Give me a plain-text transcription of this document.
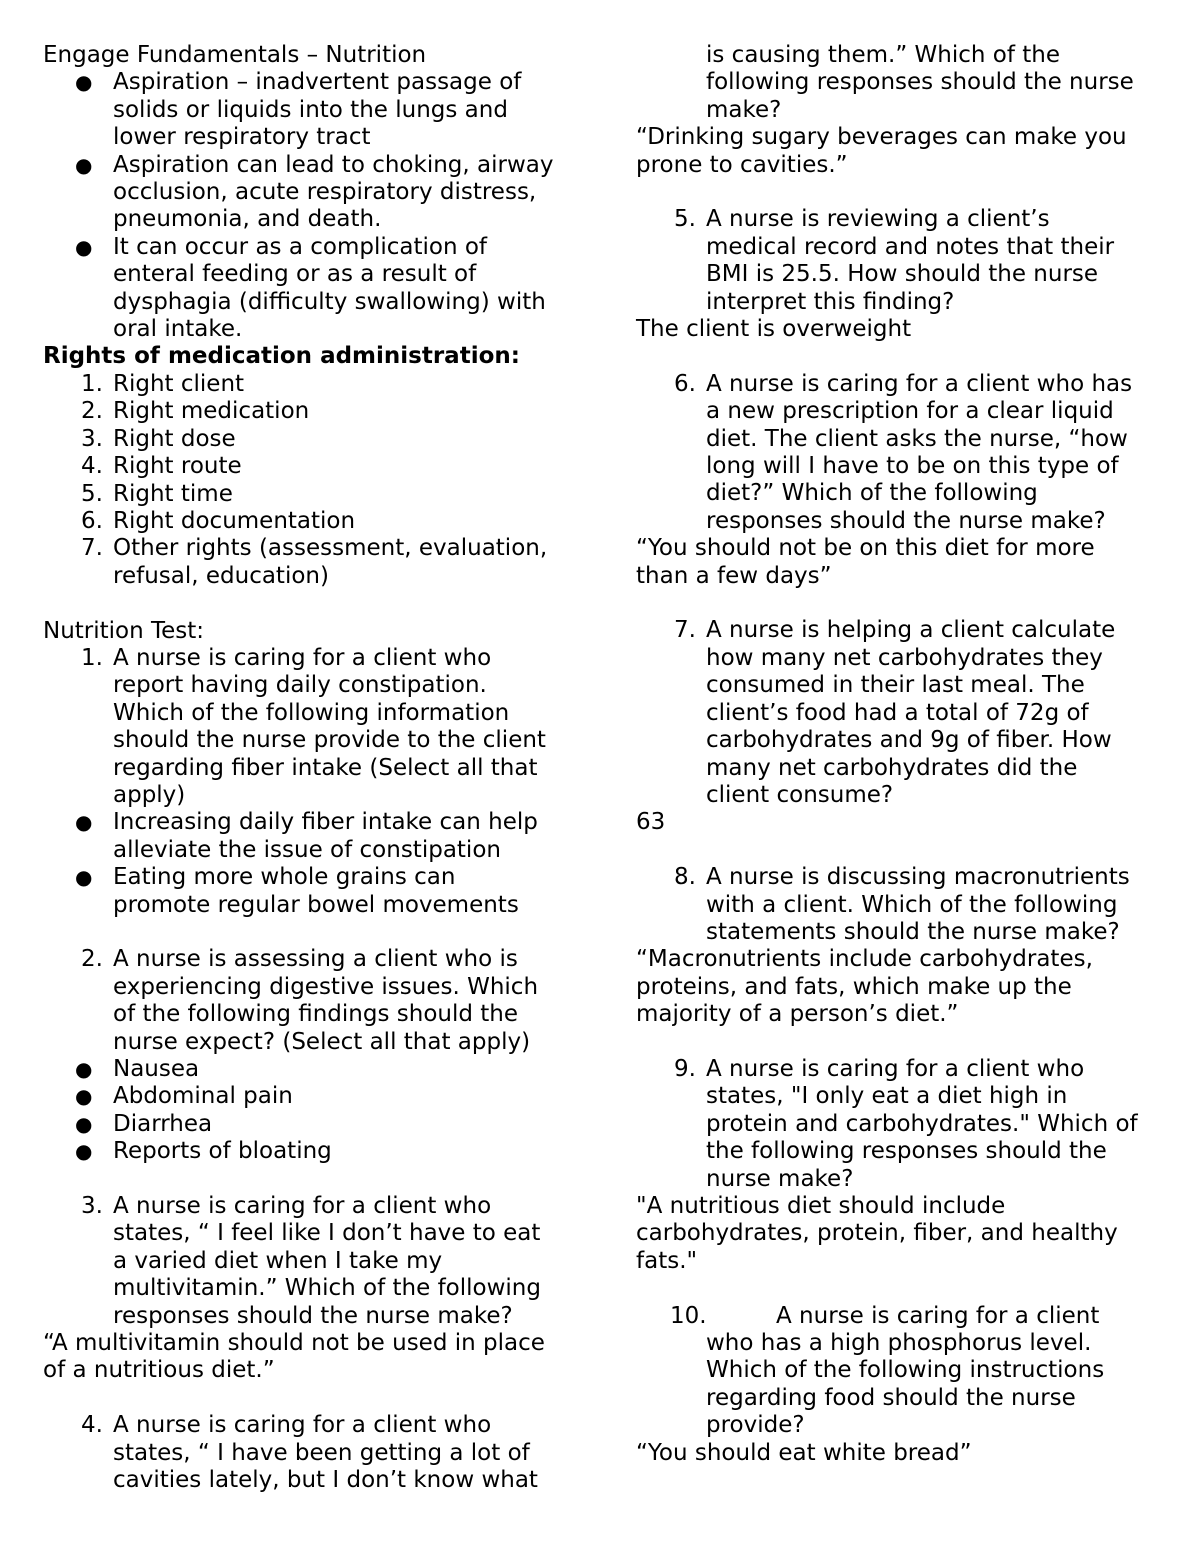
Engage Fundamentals – Nutrition
● Aspiration – inadvertent passage of
solids or liquids into the lungs and
lower respiratory tract
● Aspiration can lead to choking, airway
occlusion, acute respiratory distress,
pneumonia, and death.
● It can occur as a complication of
enteral feeding or as a result of
dysphagia (difficulty swallowing) with
oral intake.
Rights of medication administration:
1. Right client
2. Right medication
3. Right dose
4. Right route
5. Right time
6. Right documentation
7. Other rights (assessment, evaluation,
refusal, education)
Nutrition Test:
1. A nurse is caring for a client who
report having daily constipation.
Which of the following information
should the nurse provide to the client
regarding fiber intake (Select all that
apply)
● Increasing daily fiber intake can help
alleviate the issue of constipation
● Eating more whole grains can
promote regular bowel movements
2. A nurse is assessing a client who is
experiencing digestive issues. Which
of the following findings should the
nurse expect? (Select all that apply)
● Nausea
● Abdominal pain
● Diarrhea
● Reports of bloating
3. A nurse is caring for a client who
states, “ I feel like I don’t have to eat
a varied diet when I take my
multivitamin.” Which of the following
responses should the nurse make?
“A multivitamin should not be used in place
of a nutritious diet.”
4. A nurse is caring for a client who
states, “ I have been getting a lot of
cavities lately, but I don’t know what
is causing them.” Which of the
following responses should the nurse
make?
“Drinking sugary beverages can make you
prone to cavities.”
5. A nurse is reviewing a client’s
medical record and notes that their
BMI is 25.5. How should the nurse
interpret this finding?
The client is overweight
6. A nurse is caring for a client who has
a new prescription for a clear liquid
diet. The client asks the nurse, “how
long will I have to be on this type of
diet?” Which of the following
responses should the nurse make?
“You should not be on this diet for more
than a few days”
7. A nurse is helping a client calculate
how many net carbohydrates they
consumed in their last meal. The
client’s food had a total of 72g of
carbohydrates and 9g of fiber. How
many net carbohydrates did the
client consume?
63
8. A nurse is discussing macronutrients
with a client. Which of the following
statements should the nurse make?
“Macronutrients include carbohydrates,
proteins, and fats, which make up the
majority of a person’s diet.”
9. A nurse is caring for a client who
states, "I only eat a diet high in
protein and carbohydrates." Which of
the following responses should the
nurse make?
"A nutritious diet should include
carbohydrates, protein, fiber, and healthy
fats."
10.	A nurse is caring for a client
who has a high phosphorus level.
Which of the following instructions
regarding food should the nurse
provide?
“You should eat white bread”
